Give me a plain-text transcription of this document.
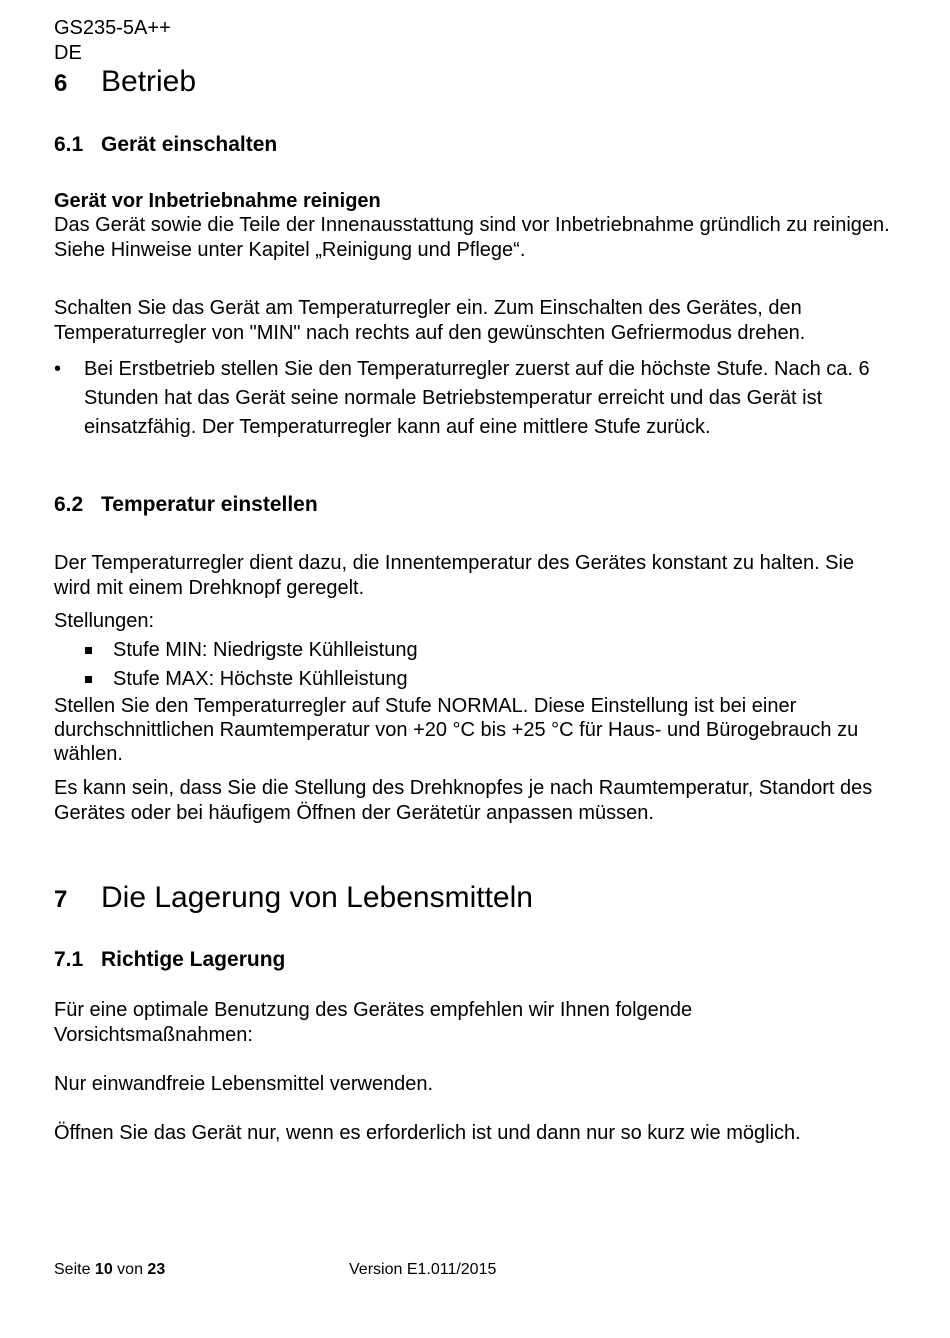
GS235-5A++

DE

6	Betrieb
6.1 Gerät einschalten

Gerät vor Inbetriebnahme reinigen

Das Gerät sowie die Teile der Innenausstattung sind vor Inbetriebnahme gründlich zu reinigen. Siehe Hinweise unter Kapitel „Reinigung und Pflege“.

Schalten Sie das Gerät am Temperaturregler ein. Zum Einschalten des Gerätes, den Temperaturregler von "MIN" nach rechts auf den gewünschten Gefriermodus drehen.

• Bei Erstbetrieb stellen Sie den Temperaturregler zuerst auf die höchste Stufe. Nach ca. 6 Stunden hat das Gerät seine normale Betriebstemperatur erreicht und das Gerät ist einsatzfähig. Der Temperaturregler kann auf eine mittlere Stufe zurück.
6.2 Temperatur einstellen

Der Temperaturregler dient dazu, die Innentemperatur des Gerätes konstant zu halten. Sie wird mit einem Drehknopf geregelt.

Stellungen:

Stufe MIN: Niedrigste Kühlleistung
Stufe MAX: Höchste Kühlleistung

Stellen Sie den Temperaturregler auf Stufe NORMAL. Diese Einstellung ist bei einer durchschnittlichen Raumtemperatur von +20 °C bis +25 °C für Haus- und Bürogebrauch zu wählen.

Es kann sein, dass Sie die Stellung des Drehknopfes je nach Raumtemperatur, Standort des Gerätes oder bei häufigem Öffnen der Gerätetür anpassen müssen.

7	Die Lagerung von Lebensmitteln
7.1 Richtige Lagerung

Für eine optimale Benutzung des Gerätes empfehlen wir Ihnen folgende Vorsichtsmaßnahmen:

Nur einwandfreie Lebensmittel verwenden.

Öffnen Sie das Gerät nur, wenn es erforderlich ist und dann nur so kurz wie möglich.

Seite 10 von 23	Version E1.011/2015
